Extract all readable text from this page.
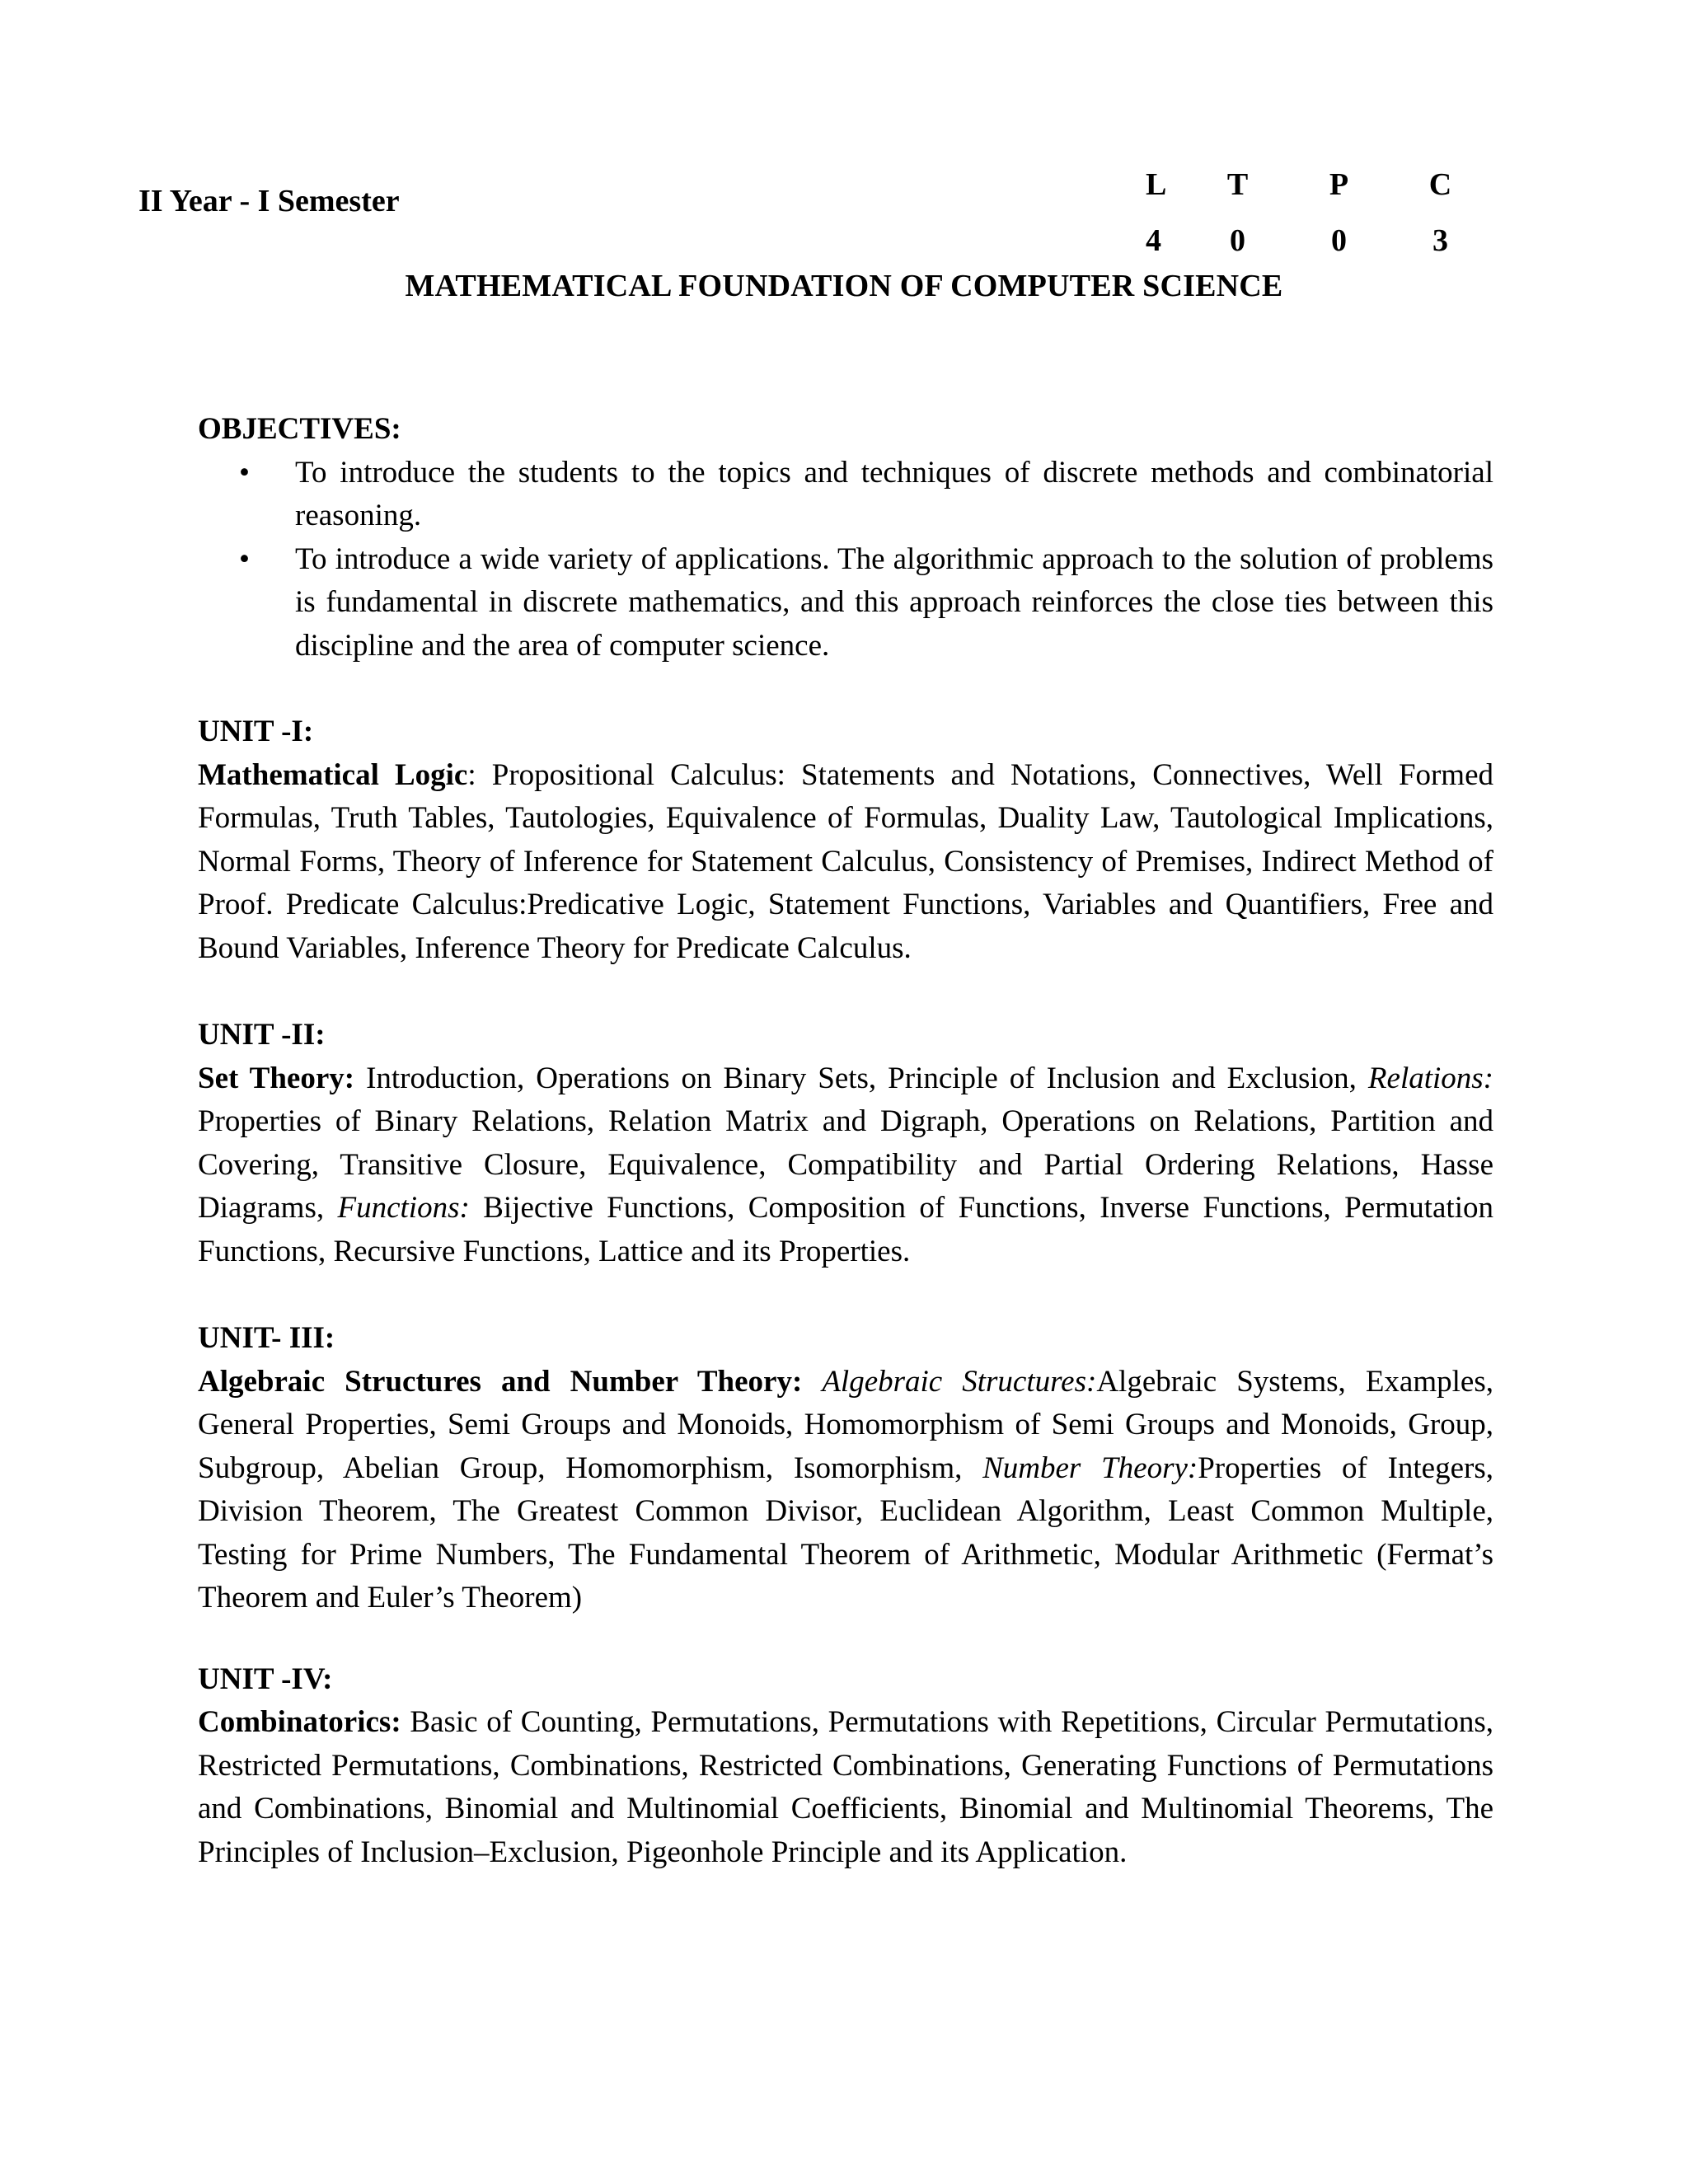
II Year - I Semester	L	T	P	C
4	0	0	3
MATHEMATICAL FOUNDATION OF COMPUTER SCIENCE
OBJECTIVES:
• To introduce the students to the topics and techniques of discrete methods and combinatorial reasoning.
• To introduce a wide variety of applications. The algorithmic approach to the solution of problems is fundamental in discrete mathematics, and this approach reinforces the close ties between this discipline and the area of computer science.
UNIT -I:

Mathematical Logic: Propositional Calculus: Statements and Notations, Connectives, Well Formed Formulas, Truth Tables, Tautologies, Equivalence of Formulas, Duality Law, Tautological Implications, Normal Forms, Theory of Inference for Statement Calculus, Consistency of Premises, Indirect Method of Proof. Predicate Calculus:Predicative Logic, Statement Functions, Variables and Quantifiers, Free and Bound Variables, Inference Theory for Predicate Calculus.

UNIT -II:

Set Theory: Introduction, Operations on Binary Sets, Principle of Inclusion and Exclusion, Relations: Properties of Binary Relations, Relation Matrix and Digraph, Operations on Relations, Partition and Covering, Transitive Closure, Equivalence, Compatibility and Partial Ordering Relations, Hasse Diagrams, Functions: Bijective Functions, Composition of Functions, Inverse Functions, Permutation Functions, Recursive Functions, Lattice and its Properties.

UNIT- III:

Algebraic Structures and Number Theory: Algebraic Structures:Algebraic Systems, Examples, General Properties, Semi Groups and Monoids, Homomorphism of Semi Groups and Monoids, Group, Subgroup, Abelian Group, Homomorphism, Isomorphism, Number Theory:Properties of Integers, Division Theorem, The Greatest Common Divisor, Euclidean Algorithm, Least Common Multiple, Testing for Prime Numbers, The Fundamental Theorem of Arithmetic, Modular Arithmetic (Fermat’s Theorem and Euler’s Theorem)

UNIT -IV:

Combinatorics: Basic of Counting, Permutations, Permutations with Repetitions, Circular Permutations, Restricted Permutations, Combinations, Restricted Combinations, Generating Functions of Permutations and Combinations, Binomial and Multinomial Coefficients, Binomial and Multinomial Theorems, The Principles of Inclusion–Exclusion, Pigeonhole Principle and its Application.
